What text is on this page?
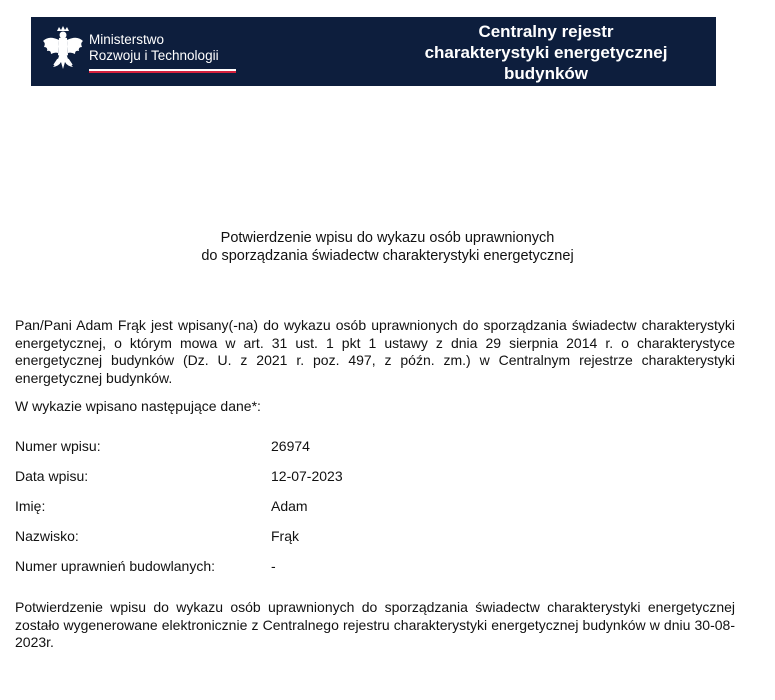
Ministerstwo
Rozwoju i Technologii
Centralny rejestr
charakterystyki energetycznej
budynków
Potwierdzenie wpisu do wykazu osób uprawnionych
do sporządzania świadectw charakterystyki energetycznej
Pan/Pani Adam Frąk jest wpisany(-na) do wykazu osób uprawnionych do sporządzania świadectw charakterystyki energetycznej, o którym mowa w art. 31 ust. 1 pkt 1 ustawy z dnia 29 sierpnia 2014 r. o charakterystyce energetycznej budynków (Dz. U. z 2021 r. poz. 497, z późn. zm.) w Centralnym rejestrze charakterystyki energetycznej budynków.
W wykazie wpisano następujące dane*:
Numer wpisu:	26974
Data wpisu:	12-07-2023
Imię:	Adam
Nazwisko:	Frąk
Numer uprawnień budowlanych:	-
Potwierdzenie wpisu do wykazu osób uprawnionych do sporządzania świadectw charakterystyki energetycznej zostało wygenerowane elektronicznie z Centralnego rejestru charakterystyki energetycznej budynków w dniu 30-08-2023r.
